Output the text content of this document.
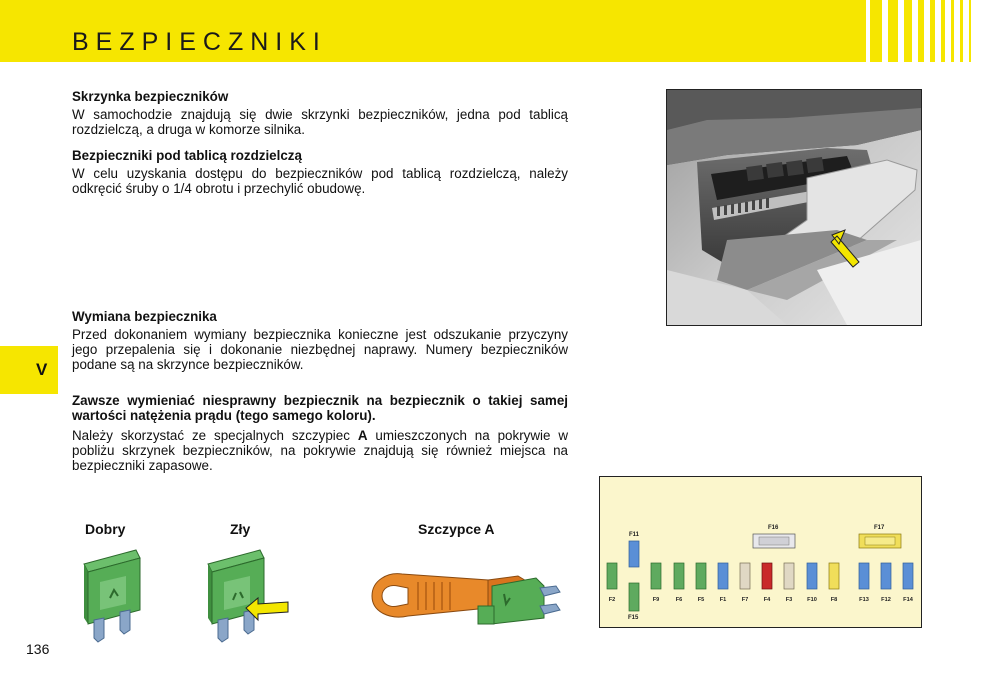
BEZPIECZNIKI
V
136
Skrzynka bezpieczników

W samochodzie znajdują się dwie skrzynki bezpieczników, jedna pod tablicą rozdzielczą, a druga w komorze silnika.

Bezpieczniki pod tablicą rozdzielczą

W celu uzyskania dostępu do bezpieczników pod tablicą rozdzielczą, należy odkręcić śruby o 1/4 obrotu i przechylić obudowę.

Wymiana bezpiecznika

Przed dokonaniem wymiany bezpiecznika konieczne jest odszukanie przyczyny jego przepalenia się i dokonanie niezbędnej naprawy. Numery bezpieczników podane są na skrzynce bezpieczników.

Zawsze wymieniać niesprawny bezpiecznik na bezpiecznik o takiej samej wartości natężenia prądu (tego samego koloru).

Należy skorzystać ze specjalnych szczypiec A umieszczonych na pokrywie w pobliżu skrzynek bezpieczników, na pokrywie znajdują się również miejsca na bezpieczniki zapasowe.

Dobry	Zły	Szczypce A	F11
F16	F17
F15
F2	F9	F6	F5	F1	F7	F4	F3	F10 F8	F13 F12 F14
